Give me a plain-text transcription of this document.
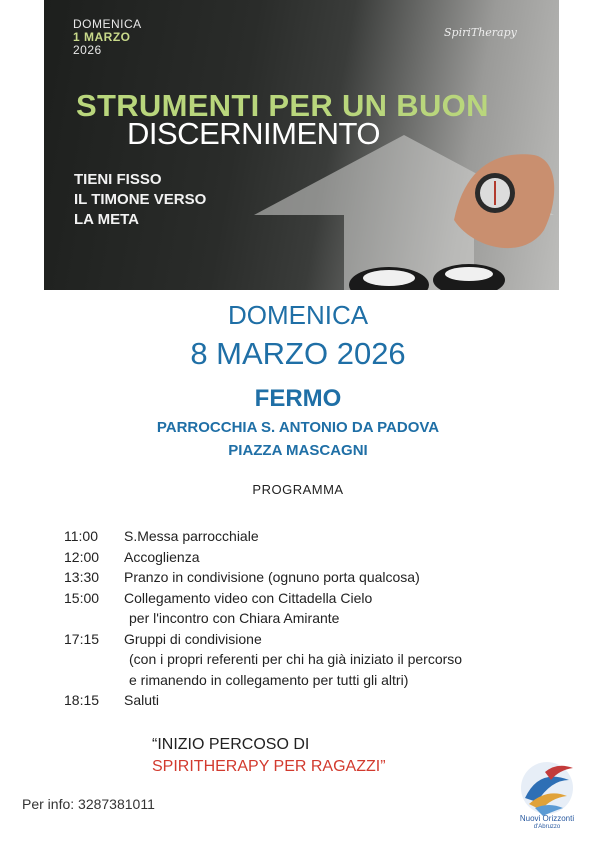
DOMENICA
1 MARZO
2026
SpiriTherapy
STRUMENTI PER UN BUON
DISCERNIMENTO
TIENI FISSO
IL TIMONE VERSO
LA META
DOMENICA
8 MARZO 2026
FERMO
PARROCCHIA S. ANTONIO DA PADOVA
PIAZZA MASCAGNI
PROGRAMMA
11:00	S.Messa parrocchiale
12:00	Accoglienza
13:30	Pranzo in condivisione (ognuno porta qualcosa)
15:00	Collegamento video con Cittadella Cielo
per l'incontro con Chiara Amirante
17:15	Gruppi di condivisione
(con i propri referenti per chi ha già iniziato il percorso
e rimanendo in collegamento per tutti gli altri)
18:15	Saluti
“INIZIO PERCOSO DI
SPIRITHERAPY PER RAGAZZI”
Per info: 3287381011
Nuovi Orizzonti
d'Abruzzo
